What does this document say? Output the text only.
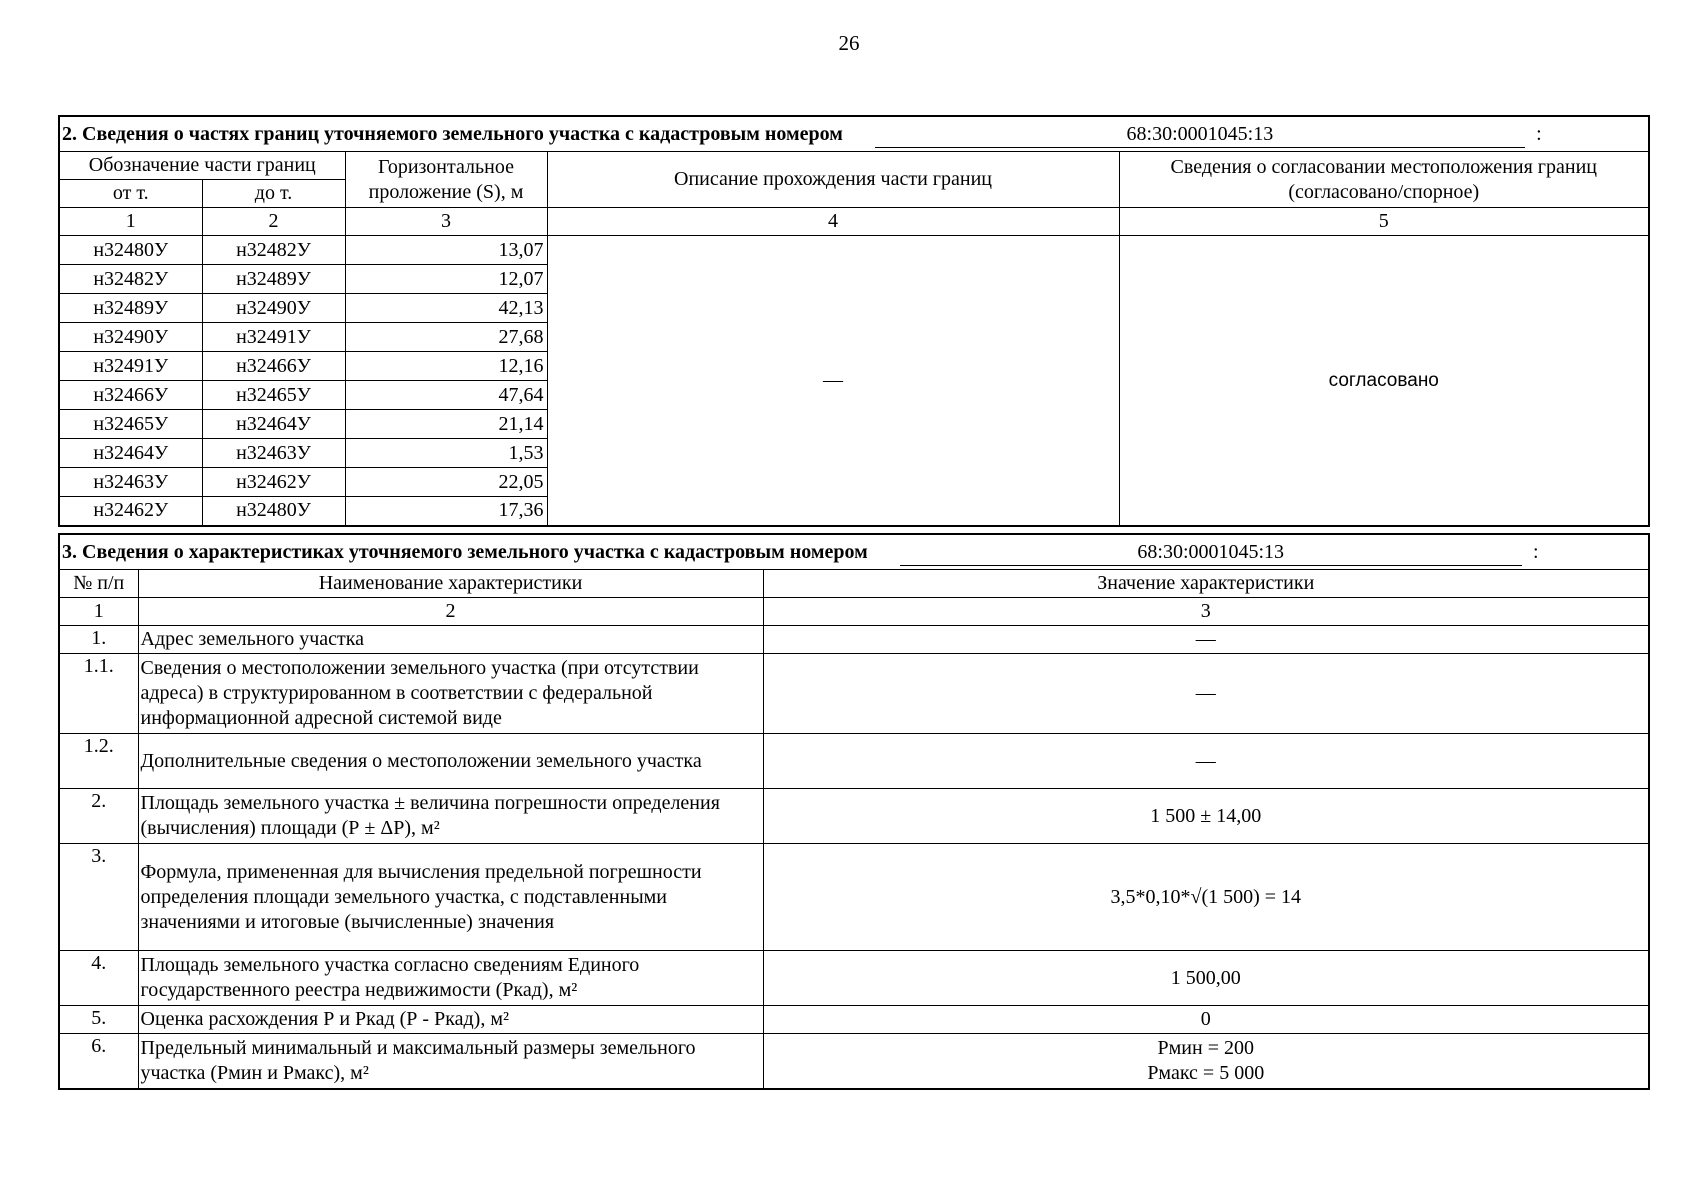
26
2. Сведения о частях границ уточняемого земельного участка с кадастровым номером 68:30:0001045:13 :				

Обозначение части границ		Горизонтальное проложение (S), м	Описание прохождения части границ	Сведения о согласовании местоположения границ (согласовано/спорное)
от т.	до т.			
1	2	3	4	5
н32480У	н32482У	13,07	—	согласовано
н32482У	н32489У	12,07		
н32489У	н32490У	42,13		
н32490У	н32491У	27,68		
н32491У	н32466У	12,16		
н32466У	н32465У	47,64		
н32465У	н32464У	21,14		
н32464У	н32463У	1,53		
н32463У	н32462У	22,05		
н32462У	н32480У	17,36		
3. Сведения о характеристиках уточняемого земельного участка с кадастровым номером 68:30:0001045:13 :		

№ п/п	Наименование характеристики	Значение характеристики
1	2	3
1.	Адрес земельного участка	—
1.1.	Сведения о местоположении земельного участка (при отсутствии адреса) в структурированном в соответствии с федеральной информационной адресной системой виде	—
1.2.	Дополнительные сведения о местоположении земельного участка	—
2.	Площадь земельного участка ± величина погрешности определения (вычисления) площади (Р ± ΔР), м²	1 500 ± 14,00
3.	Формула, примененная для вычисления предельной погрешности определения площади земельного участка, с подставленными значениями и итоговые (вычисленные) значения	3,5*0,10*√(1 500) = 14
4.	Площадь земельного участка согласно сведениям Единого государственного реестра недвижимости (Ркад), м²	1 500,00
5.	Оценка расхождения Р и Ркад (Р - Ркад), м²	0
6.	Предельный минимальный и максимальный размеры земельного участка (Рмин и Рмакс), м²	Рмин = 200
Рмакс = 5 000
